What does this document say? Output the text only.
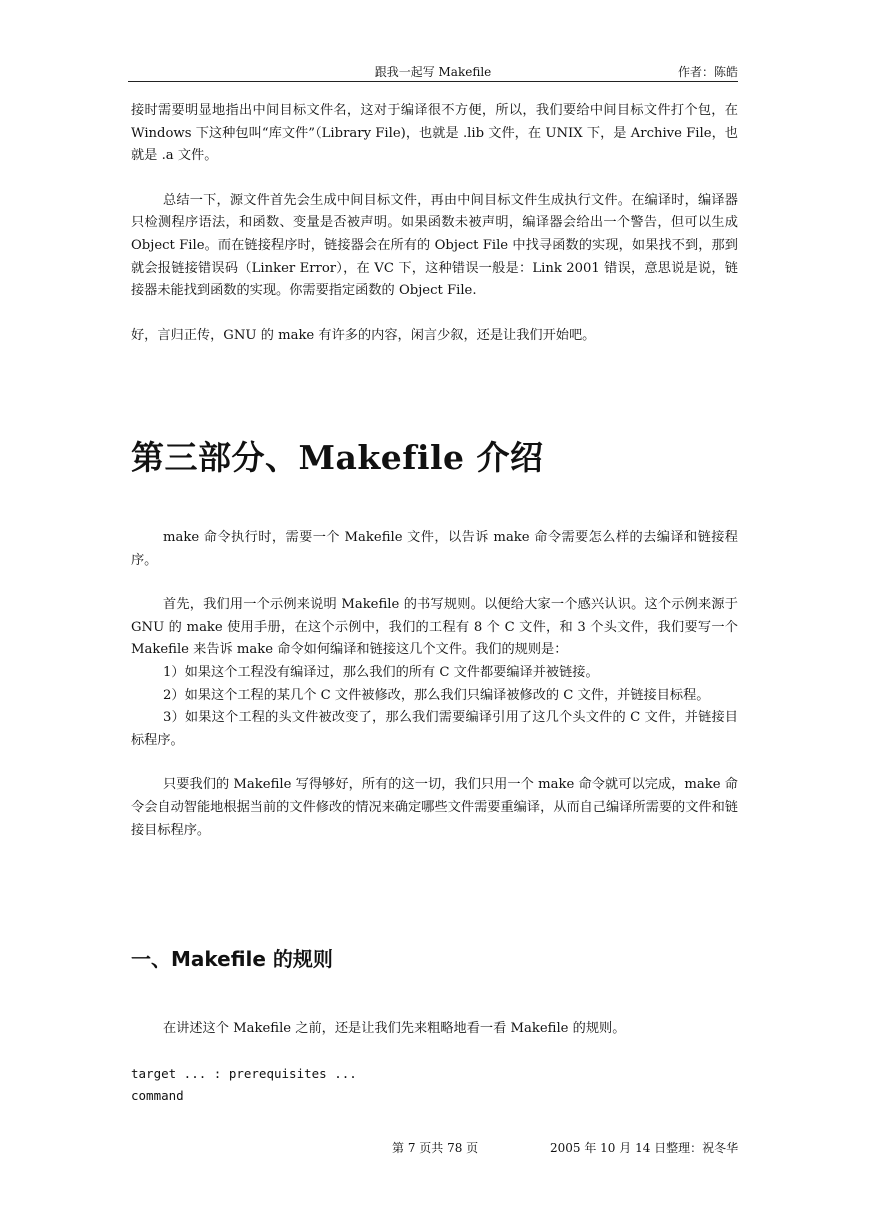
跟我一起写 Makefile	作者：陈皓

接时需要明显地指出中间目标文件名，这对于编译很不方便，所以，我们要给中间目标文件打个包，在 Windows 下这种包叫“库文件”（Library File)，也就是 .lib 文件，在 UNIX 下，是 Archive File，也就是 .a 文件。

总结一下，源文件首先会生成中间目标文件，再由中间目标文件生成执行文件。在编译时，编译器只检测程序语法，和函数、变量是否被声明。如果函数未被声明，编译器会给出一个警告，但可以生成 Object File。而在链接程序时，链接器会在所有的 Object File 中找寻函数的实现，如果找不到，那到就会报链接错误码（Linker Error），在 VC 下，这种错误一般是：Link 2001 错误，意思说是说，链接器未能找到函数的实现。你需要指定函数的 Object File.

好，言归正传，GNU 的 make 有许多的内容，闲言少叙，还是让我们开始吧。

第三部分、Makefile 介绍

make 命令执行时，需要一个 Makefile 文件，以告诉 make 命令需要怎么样的去编译和链接程序。

首先，我们用一个示例来说明 Makefile 的书写规则。以便给大家一个感兴认识。这个示例来源于 GNU 的 make 使用手册，在这个示例中，我们的工程有 8 个 C 文件，和 3 个头文件，我们要写一个 Makefile 来告诉 make 命令如何编译和链接这几个文件。我们的规则是：

1）如果这个工程没有编译过，那么我们的所有 C 文件都要编译并被链接。

2）如果这个工程的某几个 C 文件被修改，那么我们只编译被修改的 C 文件，并链接目标程。

3）如果这个工程的头文件被改变了，那么我们需要编译引用了这几个头文件的 C 文件，并链接目标程序。

只要我们的 Makefile 写得够好，所有的这一切，我们只用一个 make 命令就可以完成，make 命令会自动智能地根据当前的文件修改的情况来确定哪些文件需要重编译，从而自己编译所需要的文件和链接目标程序。

一、Makefile 的规则

在讲述这个 Makefile 之前，还是让我们先来粗略地看一看 Makefile 的规则。

target ... : prerequisites ...

command

第 7 页共 78 页	2005 年 10 月 14 日整理：祝冬华
